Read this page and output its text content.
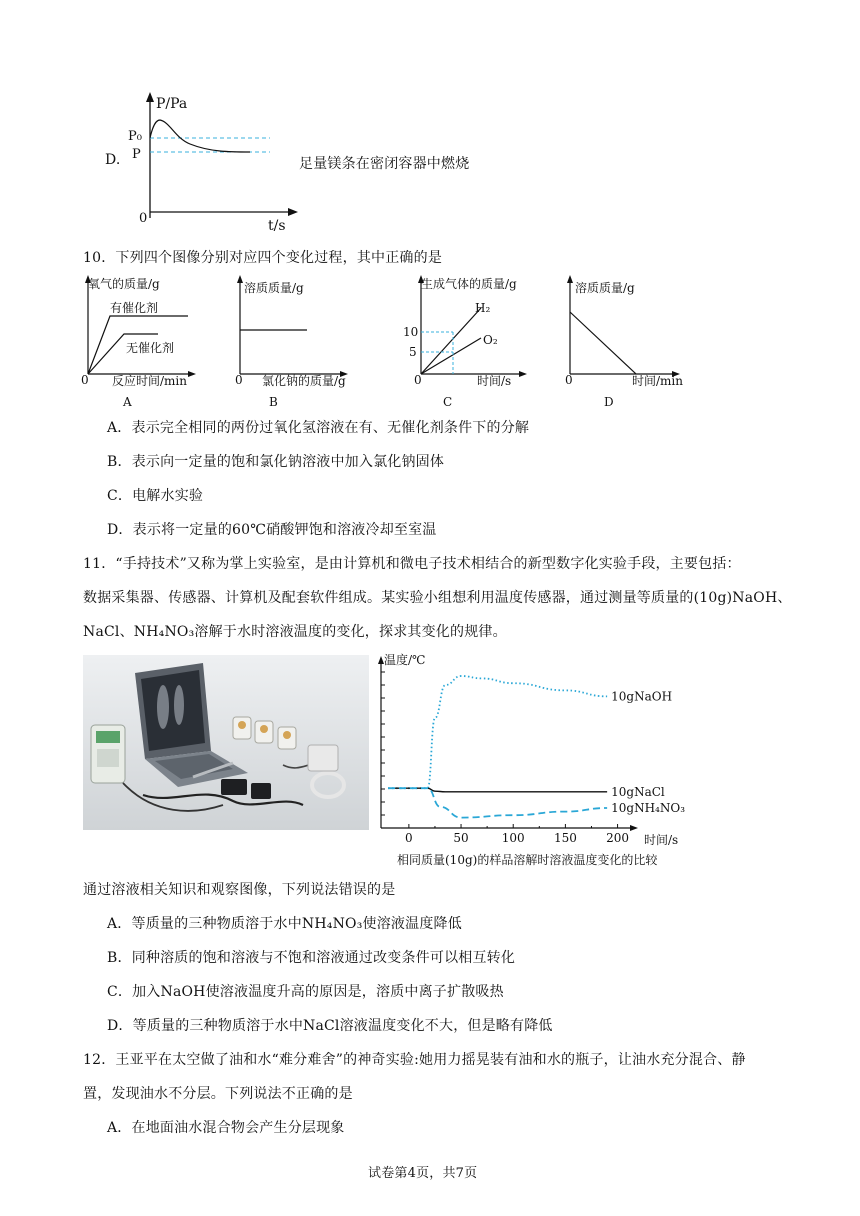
D.
P/Pa
P₀
P
0	t/s
足量镁条在密闭容器中燃烧
10．下列四个图像分别对应四个变化过程，其中正确的是
氧气的质量/g
有催化剂
无催化剂
0 反应时间/min
A
溶质质量/g
0 氯化钠的质量/g
B
生成气体的质量/g
H₂
O₂
10
5
0	时间/s
C
溶质质量/g
0	时间/min
D
A．表示完全相同的两份过氧化氢溶液在有、无催化剂条件下的分解
B．表示向一定量的饱和氯化钠溶液中加入氯化钠固体
C．电解水实验
D．表示将一定量的60℃硝酸钾饱和溶液冷却至室温
11．“手持技术”又称为掌上实验室，是由计算机和微电子技术相结合的新型数字化实验手段，主要包括：
数据采集器、传感器、计算机及配套软件组成。某实验小组想利用温度传感器，通过测量等质量的(10g)NaOH、
NaCl、NH₄NO₃溶解于水时溶液温度的变化，探求其变化的规律。
0	50	100 150 200
10gNaOH
10gNaCl
10gNH₄NO₃
温度/℃
时间/s
相同质量(10g)的样品溶解时溶液温度变化的比较
通过溶液相关知识和观察图像，下列说法错误的是
A．等质量的三种物质溶于水中NH₄NO₃使溶液温度降低
B．同种溶质的饱和溶液与不饱和溶液通过改变条件可以相互转化
C．加入NaOH使溶液温度升高的原因是，溶质中离子扩散吸热
D．等质量的三种物质溶于水中NaCl溶液温度变化不大，但是略有降低
12．王亚平在太空做了油和水“难分难舍”的神奇实验:她用力摇晃装有油和水的瓶子，让油水充分混合、静
置，发现油水不分层。下列说法不正确的是
A．在地面油水混合物会产生分层现象
试卷第4页，共7页
